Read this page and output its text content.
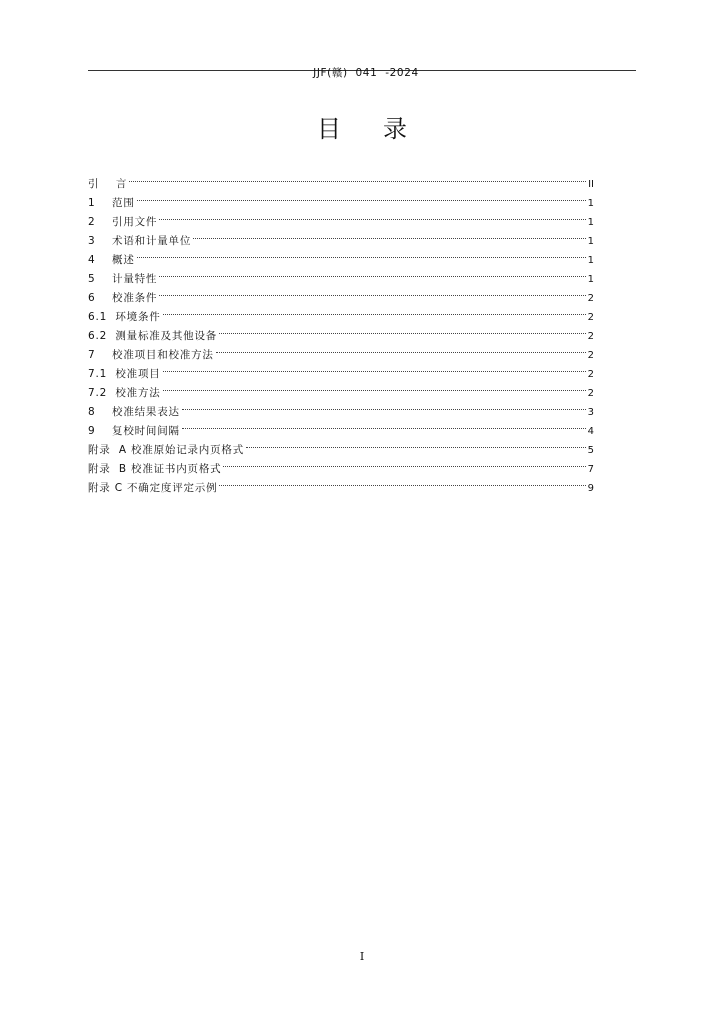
JJF(赣)  041  -2024

目录
引    言	II
1    范围	1
2    引用文件	1
3    术语和计量单位	1
4    概述	1
5    计量特性	1
6    校准条件	2
6.1  环境条件	2
6.2  测量标准及其他设备	2
7    校准项目和校准方法	2
7.1  校准项目	2
7.2  校准方法	2
8    校准结果表达	3
9    复校时间间隔	4
附录  A 校准原始记录内页格式	5
附录  B 校准证书内页格式	7
附录 C 不确定度评定示例	9
I
